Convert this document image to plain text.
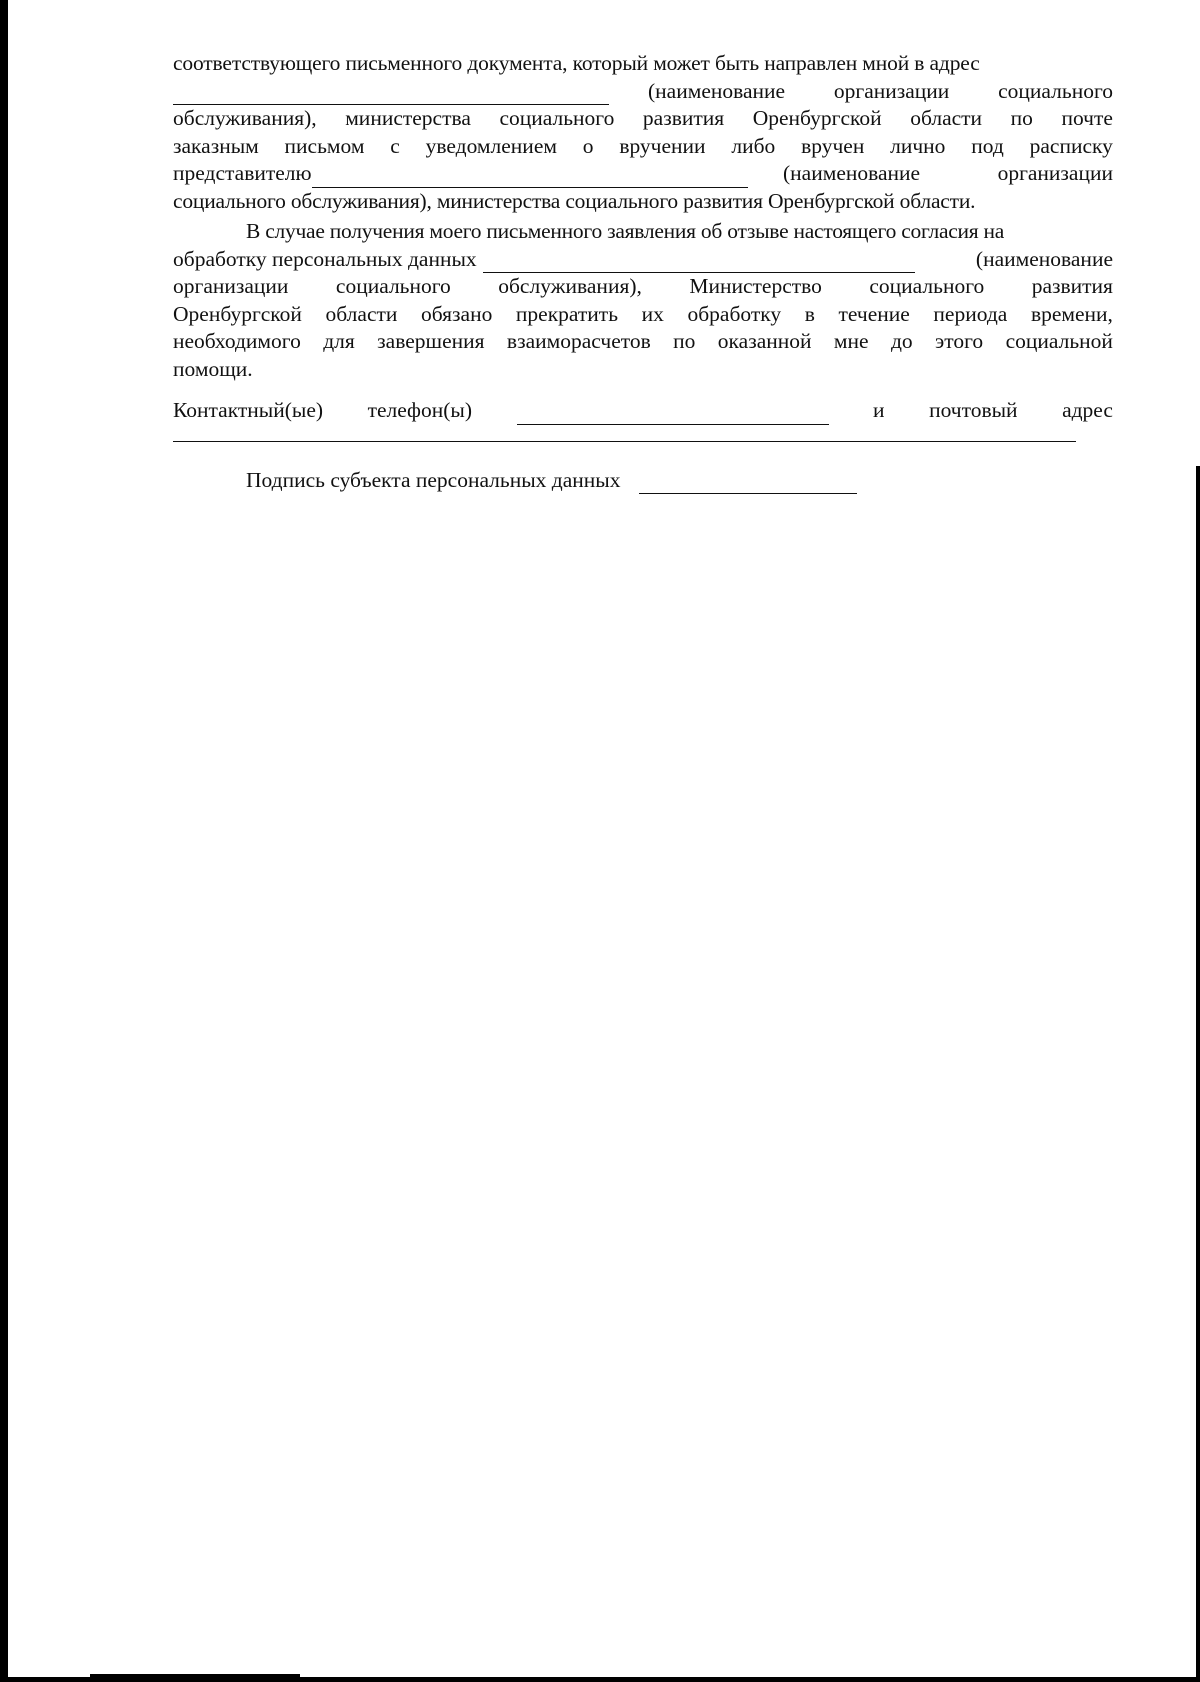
соответствующего письменного документа, который может быть направлен мной в адрес
(наименование организации социального
обслуживания), министерства социального развития Оренбургской области по почте
заказным письмом с уведомлением о вручении либо вручен лично под расписку
представителю	(наименование	организации
социального обслуживания), министерства социального развития Оренбургской области.
В случае получения моего письменного заявления об отзыве настоящего согласия на
обработку персональных данных	(наименование
организации социального обслуживания), Министерство социального развития
Оренбургской области обязано прекратить их обработку в течение периода времени,
необходимого для завершения взаиморасчетов по оказанной мне до этого социальной
помощи.
Контактный(ые) телефон(ы)	и почтовый адрес
Подпись субъекта персональных данных
